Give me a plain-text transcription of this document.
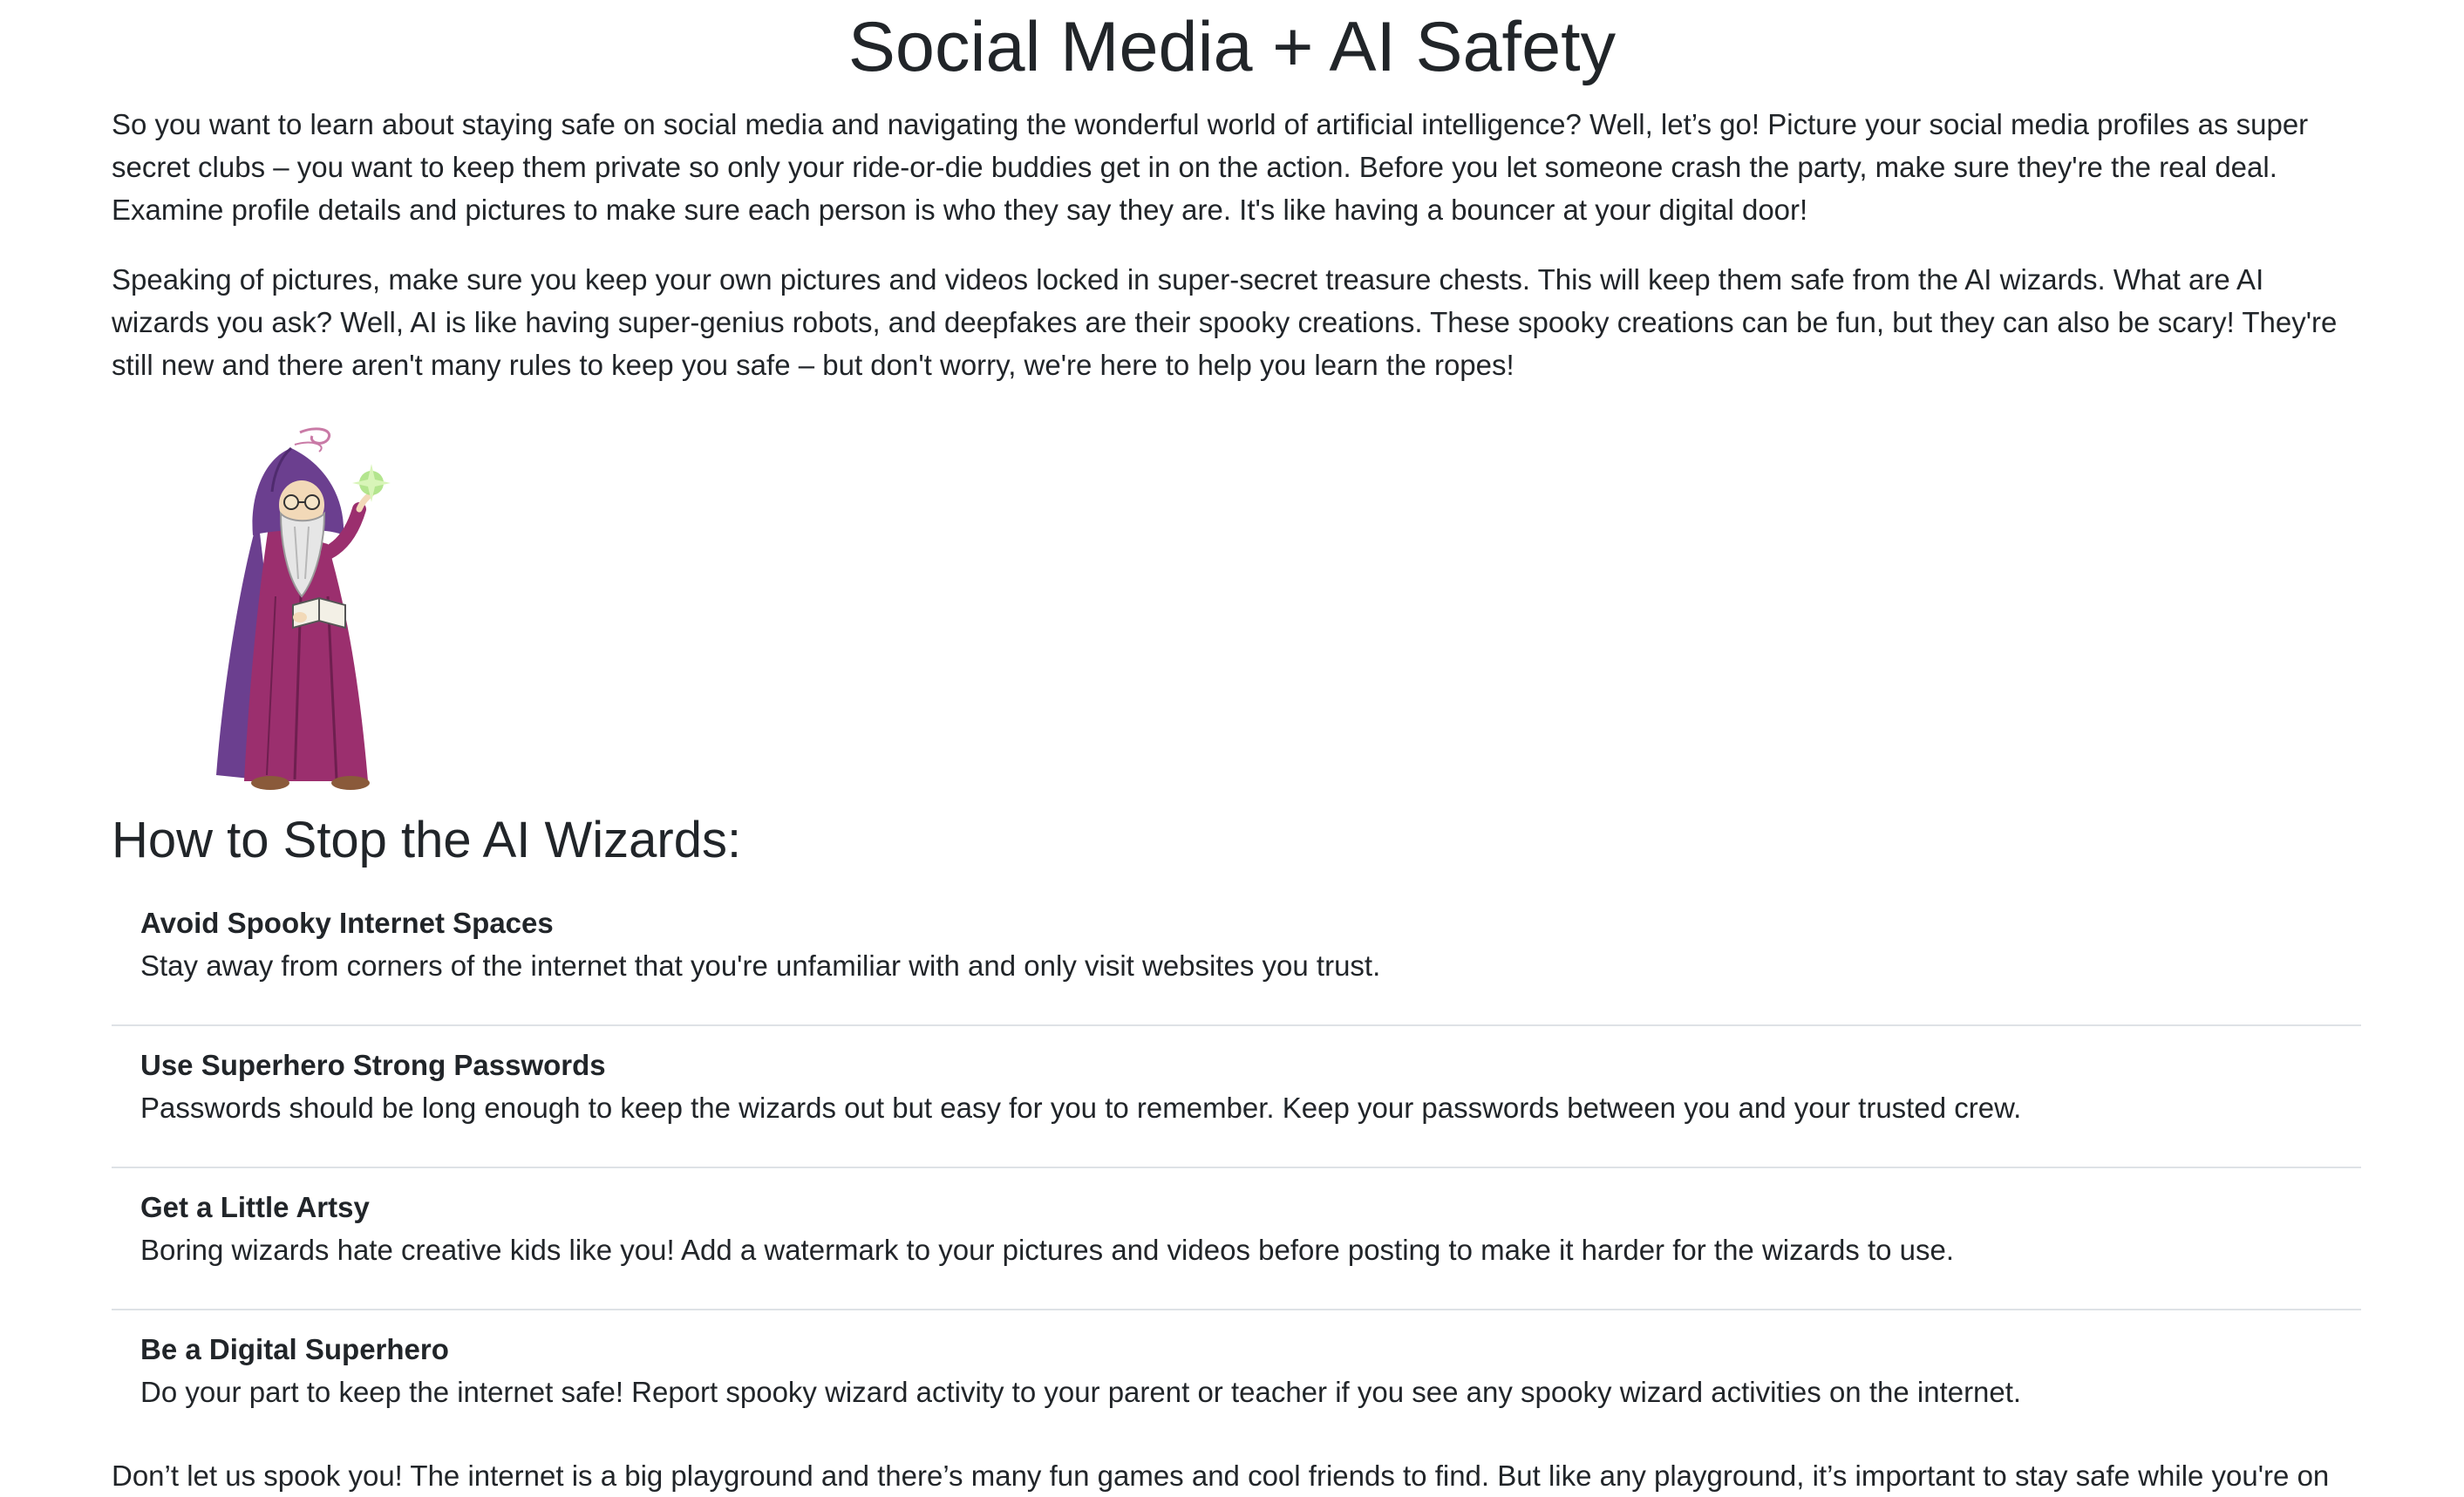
Social Media + AI Safety

So you want to learn about staying safe on social media and navigating the wonderful world of artificial intelligence? Well, let’s go! Picture your social media profiles as super secret clubs – you want to keep them private so only your ride-or-die buddies get in on the action. Before you let someone crash the party, make sure they're the real deal. Examine profile details and pictures to make sure each person is who they say they are. It's like having a bouncer at your digital door!

Speaking of pictures, make sure you keep your own pictures and videos locked in super-secret treasure chests. This will keep them safe from the AI wizards. What are AI wizards you ask? Well, AI is like having super-genius robots, and deepfakes are their spooky creations. These spooky creations can be fun, but they can also be scary! They're still new and there aren't many rules to keep you safe – but don't worry, we're here to help you learn the ropes!

How to Stop the AI Wizards:
Avoid Spooky Internet Spaces
Stay away from corners of the internet that you're unfamiliar with and only visit websites you trust.
Use Superhero Strong Passwords
Passwords should be long enough to keep the wizards out but easy for you to remember. Keep your passwords between you and your trusted crew.
Get a Little Artsy
Boring wizards hate creative kids like you! Add a watermark to your pictures and videos before posting to make it harder for the wizards to use.
Be a Digital Superhero
Do your part to keep the internet safe! Report spooky wizard activity to your parent or teacher if you see any spooky wizard activities on the internet.

Don’t let us spook you! The internet is a big playground and there’s many fun games and cool friends to find. But like any playground, it’s important to stay safe while you're on
